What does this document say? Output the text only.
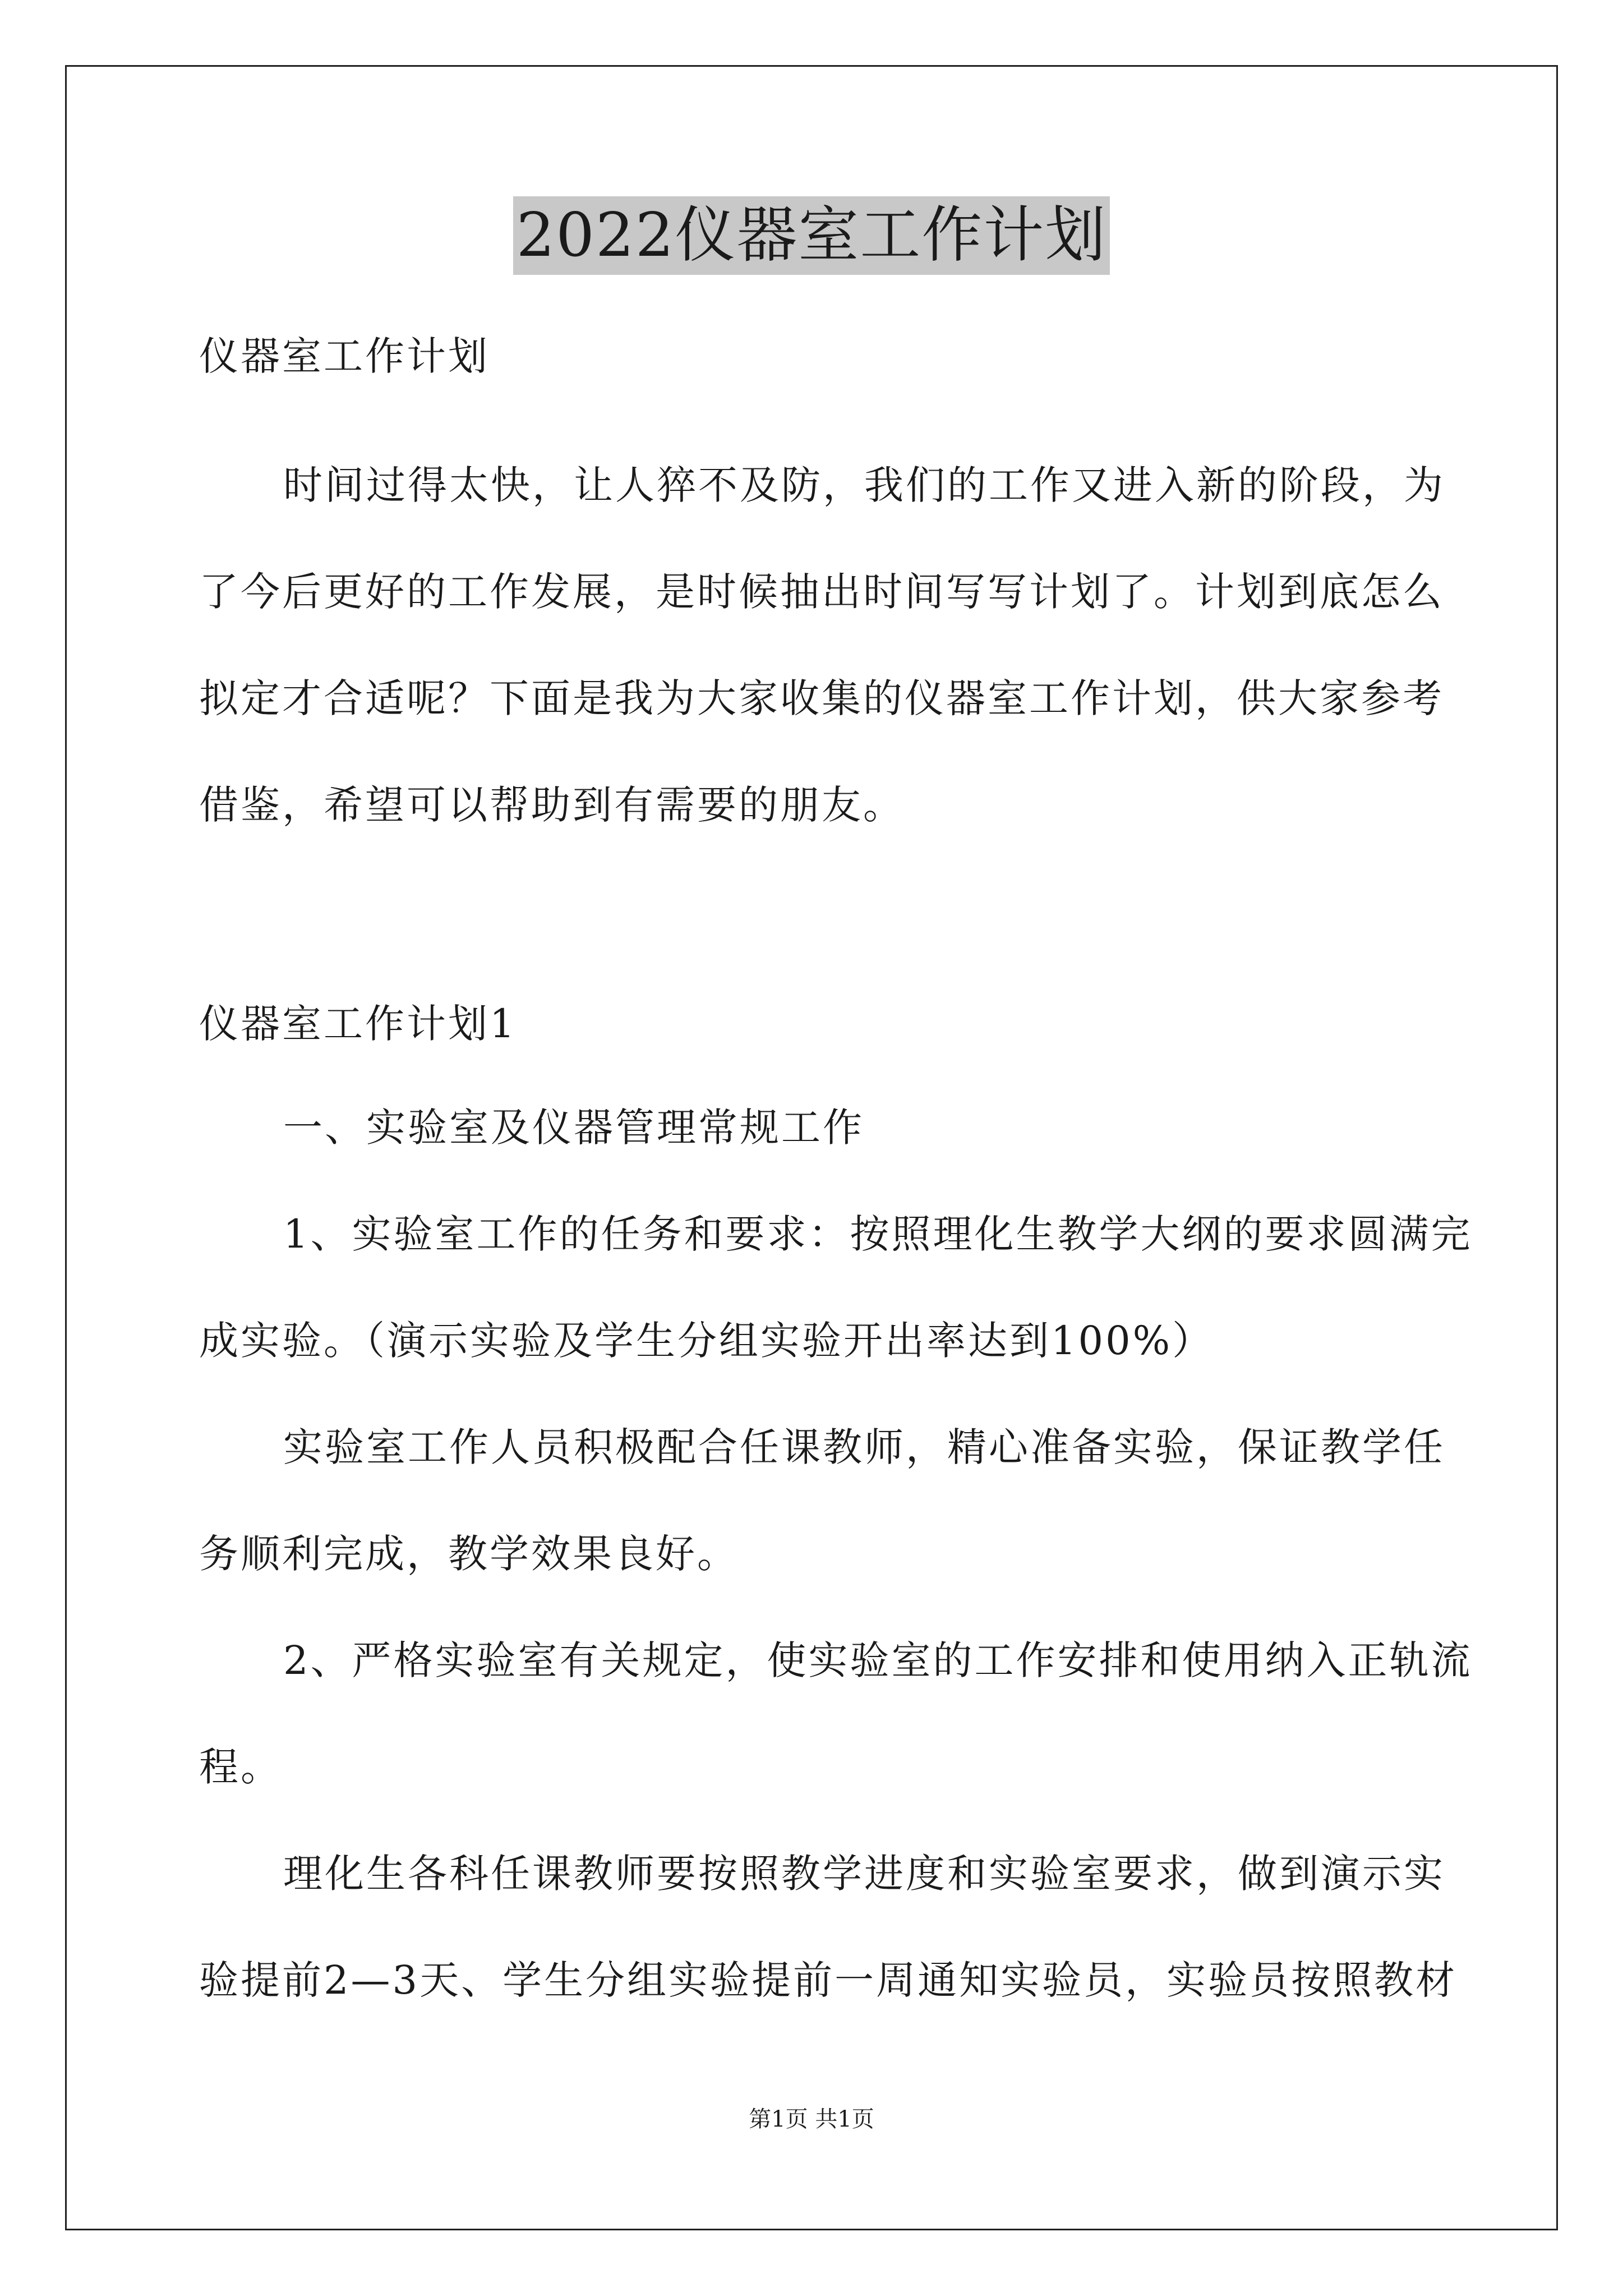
2022仪器室工作计划
仪器室工作计划
时间过得太快，让人猝不及防，我们的工作又进入新的阶段，为
了今后更好的工作发展，是时候抽出时间写写计划了。计划到底怎么
拟定才合适呢？下面是我为大家收集的仪器室工作计划，供大家参考
借鉴，希望可以帮助到有需要的朋友。
仪器室工作计划1
一、实验室及仪器管理常规工作
1、实验室工作的任务和要求：按照理化生教学大纲的要求圆满完
成实验。（演示实验及学生分组实验开出率达到100%）
实验室工作人员积极配合任课教师，精心准备实验，保证教学任
务顺利完成，教学效果良好。
2、严格实验室有关规定，使实验室的工作安排和使用纳入正轨流
程。
理化生各科任课教师要按照教学进度和实验室要求，做到演示实
验提前2—3天、学生分组实验提前一周通知实验员，实验员按照教材
第1页 共1页
